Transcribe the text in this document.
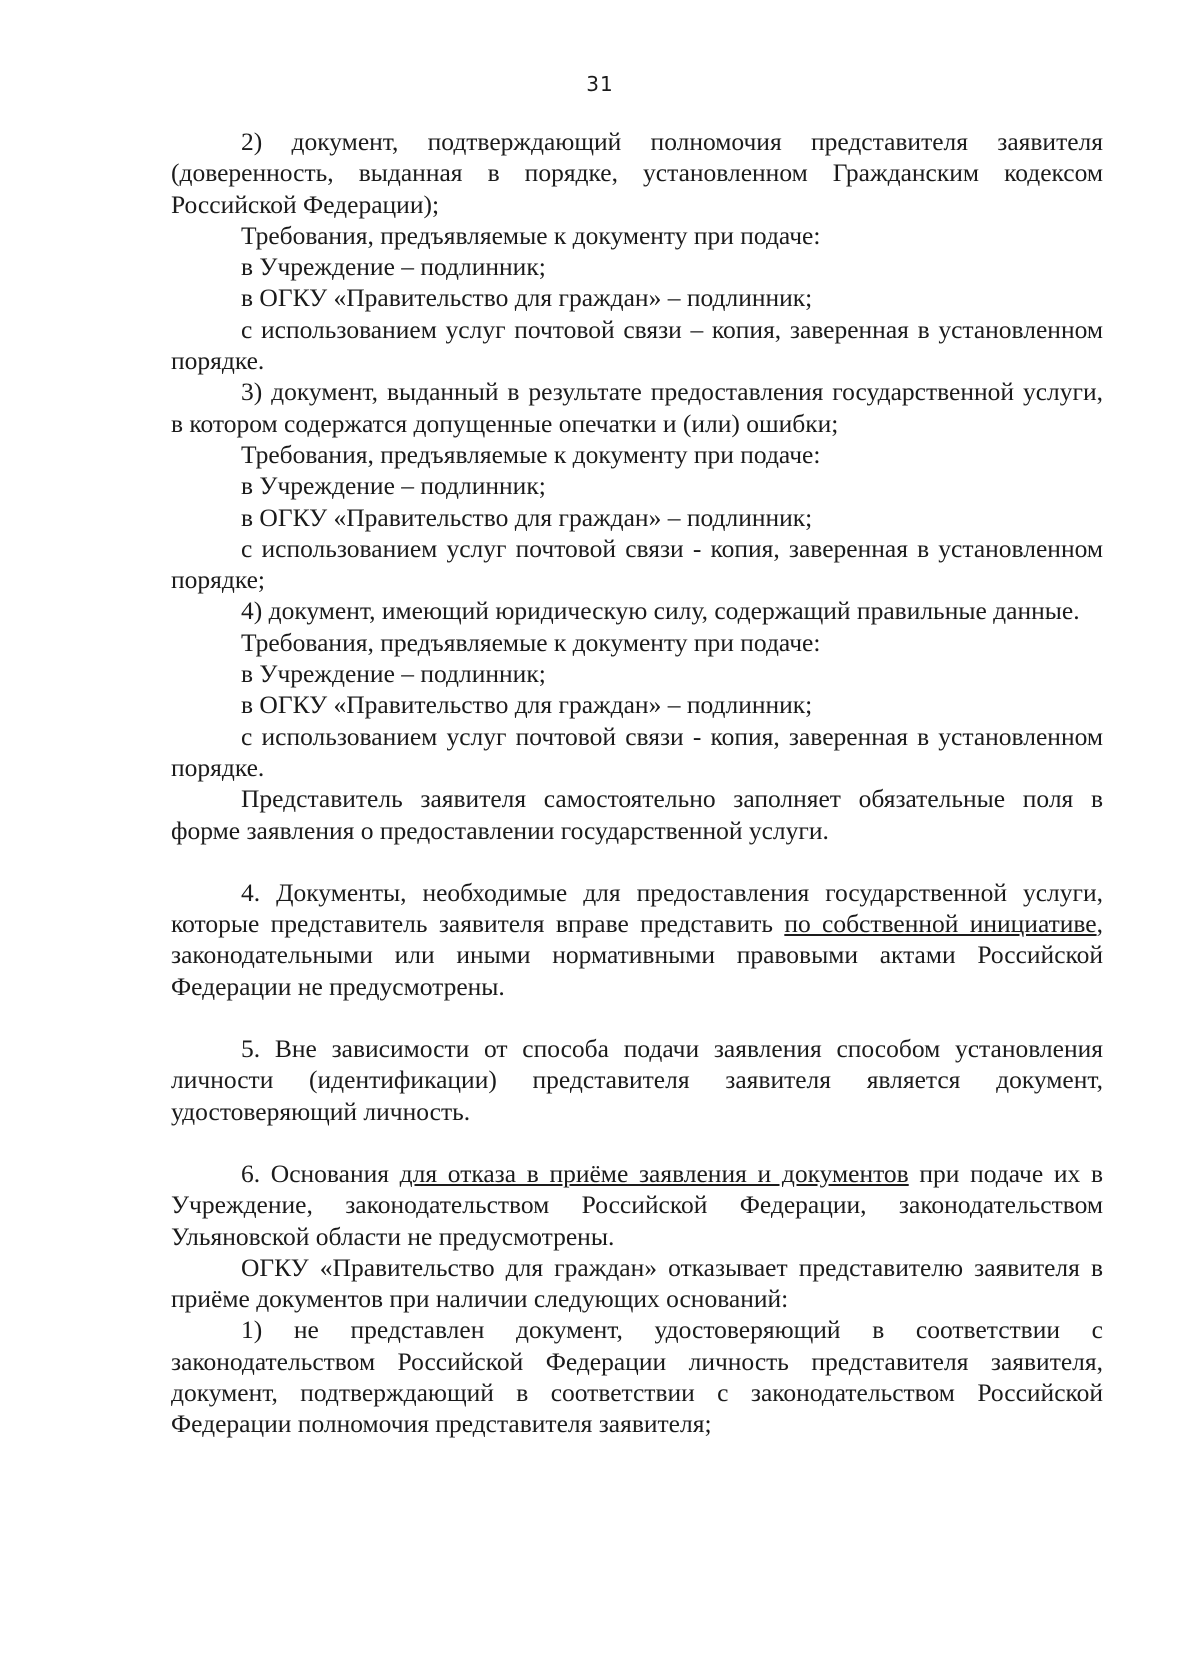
31

2) документ, подтверждающий полномочия представителя заявителя (доверенность, выданная в порядке, установленном Гражданским кодексом Российской Федерации);

Требования, предъявляемые к документу при подаче:

в Учреждение – подлинник;

в ОГКУ «Правительство для граждан» – подлинник;

с использованием услуг почтовой связи – копия, заверенная в установленном порядке.

3) документ, выданный в результате предоставления государственной услуги, в котором содержатся допущенные опечатки и (или) ошибки;

Требования, предъявляемые к документу при подаче:

в Учреждение – подлинник;

в ОГКУ «Правительство для граждан» – подлинник;

с использованием услуг почтовой связи - копия, заверенная в установленном порядке;

4) документ, имеющий юридическую силу, содержащий правильные данные.

Требования, предъявляемые к документу при подаче:

в Учреждение – подлинник;

в ОГКУ «Правительство для граждан» – подлинник;

с использованием услуг почтовой связи - копия, заверенная в установленном порядке.

Представитель заявителя самостоятельно заполняет обязательные поля в форме заявления о предоставлении государственной услуги.

4. Документы, необходимые для предоставления государственной услуги, которые представитель заявителя вправе представить по собственной инициативе, законодательными или иными нормативными правовыми актами Российской Федерации не предусмотрены.

5. Вне зависимости от способа подачи заявления способом установления личности (идентификации) представителя заявителя является документ, удостоверяющий личность.

6. Основания для отказа в приёме заявления и документов при подаче их в Учреждение, законодательством Российской Федерации, законодательством Ульяновской области не предусмотрены.

ОГКУ «Правительство для граждан» отказывает представителю заявителя в приёме документов при наличии следующих оснований:

1) не представлен документ, удостоверяющий в соответствии с законодательством Российской Федерации личность представителя заявителя, документ, подтверждающий в соответствии с законодательством Российской Федерации полномочия представителя заявителя;
